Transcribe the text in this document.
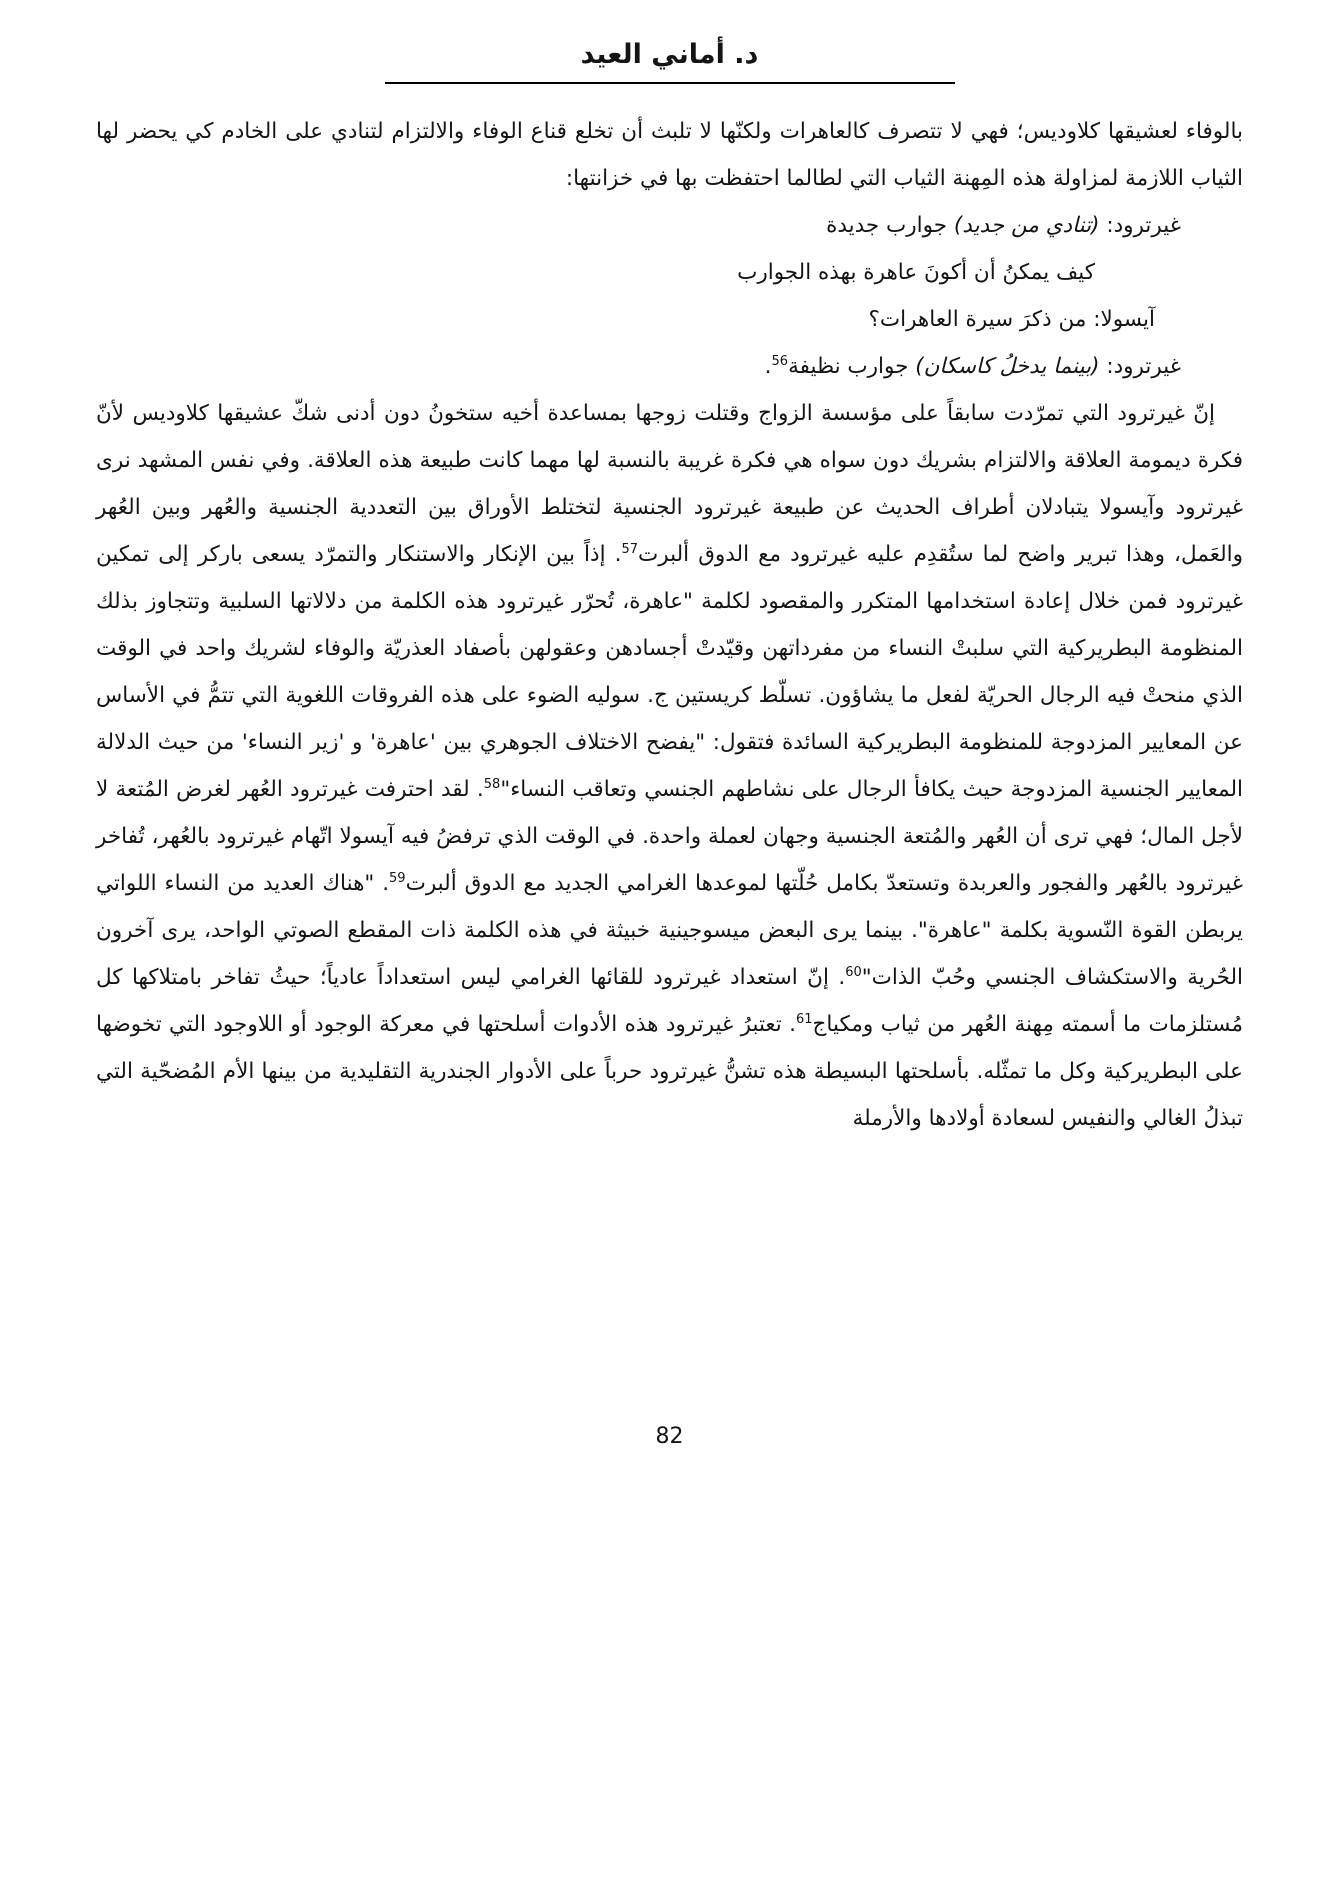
د. أماني العيد

بالوفاء لعشيقها كلاوديس؛ فهي لا تتصرف كالعاهرات ولكنّها لا تلبث أن تخلع قناع الوفاء والالتزام لتنادي على الخادم كي يحضر لها الثياب اللازمة لمزاولة هذه المِهنة الثياب التي لطالما احتفظت بها في خزانتها:

غيرترود: (تنادي من جديد) جوارب جديدة

كيف يمكنُ أن أكونَ عاهرة بهذه الجوارب

آيسولا: من ذكرَ سيرة العاهرات؟

غيرترود: (بينما يدخلُ كاسكان) جوارب نظيفة$^{56}$.

إنّ غيرترود التي تمرّدت سابقاً على مؤسسة الزواج وقتلت زوجها بمساعدة أخيه ستخونُ دون أدنى شكّ عشيقها كلاوديس لأنّ فكرة ديمومة العلاقة والالتزام بشريك دون سواه هي فكرة غريبة بالنسبة لها مهما كانت طبيعة هذه العلاقة. وفي نفس المشهد نرى غيرترود وآيسولا يتبادلان أطراف الحديث عن طبيعة غيرترود الجنسية لتختلط الأوراق بين التعددية الجنسية والعُهر وبين العُهر والعَمل، وهذا تبرير واضح لما ستُقدِم عليه غيرترود مع الدوق ألبرت$^{57}$. إذاً بين الإنكار والاستنكار والتمرّد يسعى باركر إلى تمكين غيرترود فمن خلال إعادة استخدامها المتكرر والمقصود لكلمة "عاهرة، تُحرّر غيرترود هذه الكلمة من دلالاتها السلبية وتتجاوز بذلك المنظومة البطريركية التي سلبتْ النساء من مفرداتهن وقيّدتْ أجسادهن وعقولهن بأصفاد العذريّة والوفاء لشريك واحد في الوقت الذي منحتْ فيه الرجال الحريّة لفعل ما يشاؤون. تسلّط كريستين ج. سوليه الضوء على هذه الفروقات اللغوية التي تتمُّ في الأساس عن المعايير المزدوجة للمنظومة البطريركية السائدة فتقول: "يفضح الاختلاف الجوهري بين 'عاهرة' و 'زير النساء' من حيث الدلالة المعايير الجنسية المزدوجة حيث يكافأ الرجال على نشاطهم الجنسي وتعاقب النساء"$^{58}$. لقد احترفت غيرترود العُهر لغرض المُتعة لا لأجل المال؛ فهي ترى أن العُهر والمُتعة الجنسية وجهان لعملة واحدة. في الوقت الذي ترفضُ فيه آيسولا اتّهام غيرترود بالعُهر، تُفاخر غيرترود بالعُهر والفجور والعربدة وتستعدّ بكامل حُلّتها لموعدها الغرامي الجديد مع الدوق ألبرت$^{59}$. "هناك العديد من النساء اللواتي يربطن القوة النّسوية بكلمة "عاهرة". بينما يرى البعض ميسوجينية خبيثة في هذه الكلمة ذات المقطع الصوتي الواحد، يرى آخرون الحُرية والاستكشاف الجنسي وحُبّ الذات"$^{60}$. إنّ استعداد غيرترود للقائها الغرامي ليس استعداداً عادياً؛ حيثُ تفاخر بامتلاكها كل مُستلزمات ما أسمته مِهنة العُهر من ثياب ومكياج$^{61}$. تعتبرُ غيرترود هذه الأدوات أسلحتها في معركة الوجود أو اللاوجود التي تخوضها على البطريركية وكل ما تمثّله. بأسلحتها البسيطة هذه تشنُّ غيرترود حرباً على الأدوار الجندرية التقليدية من بينها الأم المُضحّية التي تبذلُ الغالي والنفيس لسعادة أولادها والأرملة

82
